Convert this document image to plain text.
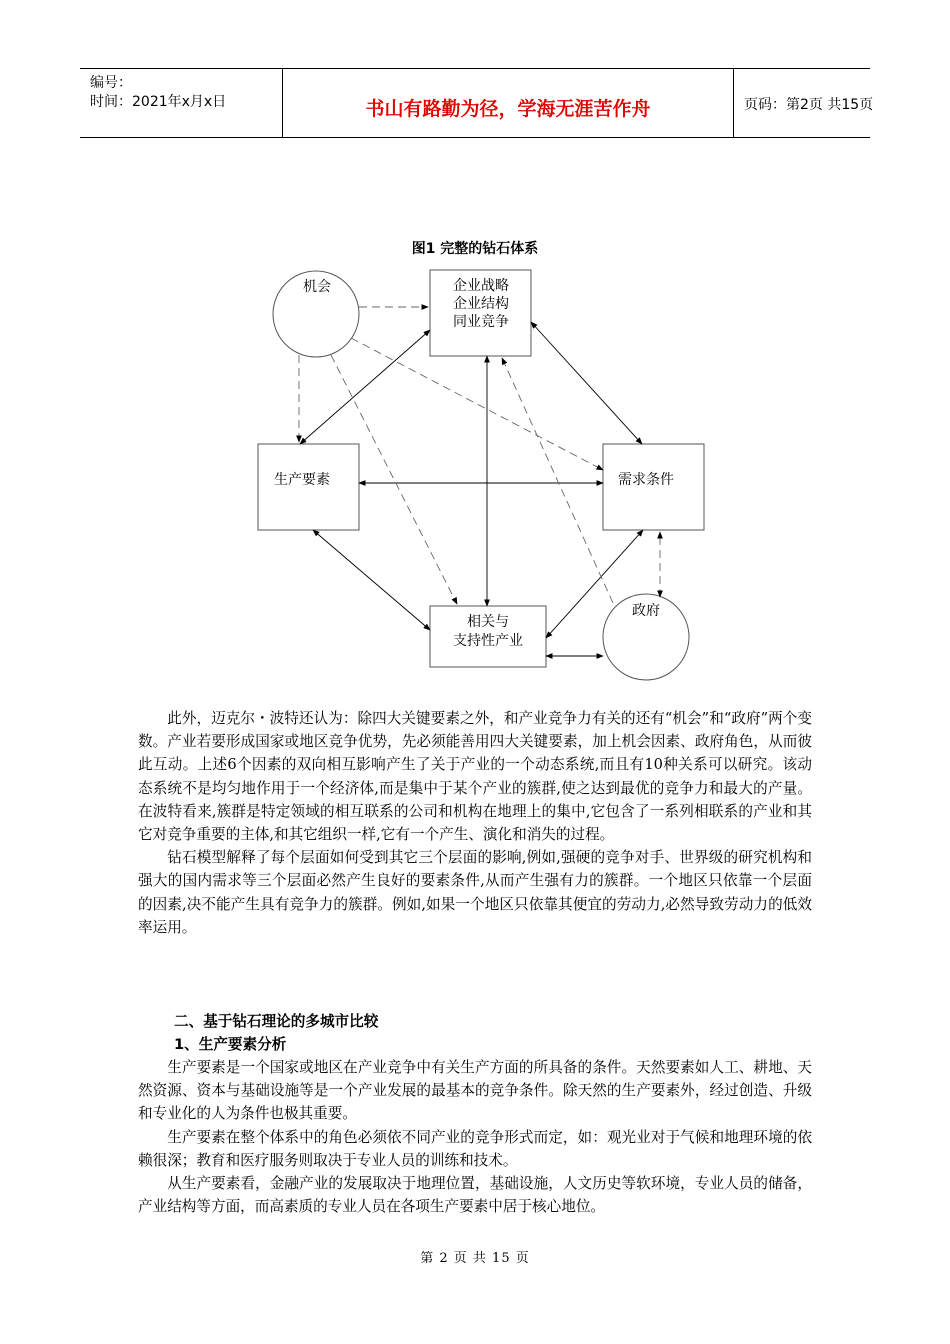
编号：
时间：2021年x月x日	书山有路勤为径，学海无涯苦作舟	页码：第2页 共15页
图1 完整的钻石体系
机会	企业战略
企业结构
同业竞争
生产要素	需求条件
相关与
支持性产业
政府

此外，迈克尔・波特还认为：除四大关键要素之外，和产业竞争力有关的还有“机会”和“政府”两个变数。产业若要形成国家或地区竞争优势，先必须能善用四大关键要素，加上机会因素、政府角色，从而彼此互动。上述6个因素的双向相互影响产生了关于产业的一个动态系统,而且有10种关系可以研究。该动态系统不是均匀地作用于一个经济体,而是集中于某个产业的簇群,使之达到最优的竞争力和最大的产量。在波特看来,簇群是特定领域的相互联系的公司和机构在地理上的集中,它包含了一系列相联系的产业和其它对竞争重要的主体,和其它组织一样,它有一个产生、演化和消失的过程。

钻石模型解释了每个层面如何受到其它三个层面的影响,例如,强硬的竞争对手、世界级的研究机构和强大的国内需求等三个层面必然产生良好的要素条件,从而产生强有力的簇群。一个地区只依靠一个层面的因素,决不能产生具有竞争力的簇群。例如,如果一个地区只依靠其便宜的劳动力,必然导致劳动力的低效率运用。

二、基于钻石理论的多城市比较
1、生产要素分析

生产要素是一个国家或地区在产业竞争中有关生产方面的所具备的条件。天然要素如人工、耕地、天然资源、资本与基础设施等是一个产业发展的最基本的竞争条件。除天然的生产要素外，经过创造、升级和专业化的人为条件也极其重要。

生产要素在整个体系中的角色必须依不同产业的竞争形式而定，如：观光业对于气候和地理环境的依赖很深；教育和医疗服务则取决于专业人员的训练和技术。

从生产要素看，金融产业的发展取决于地理位置，基础设施，人文历史等软环境，专业人员的储备，产业结构等方面，而高素质的专业人员在各项生产要素中居于核心地位。

第 2 页 共 15 页
